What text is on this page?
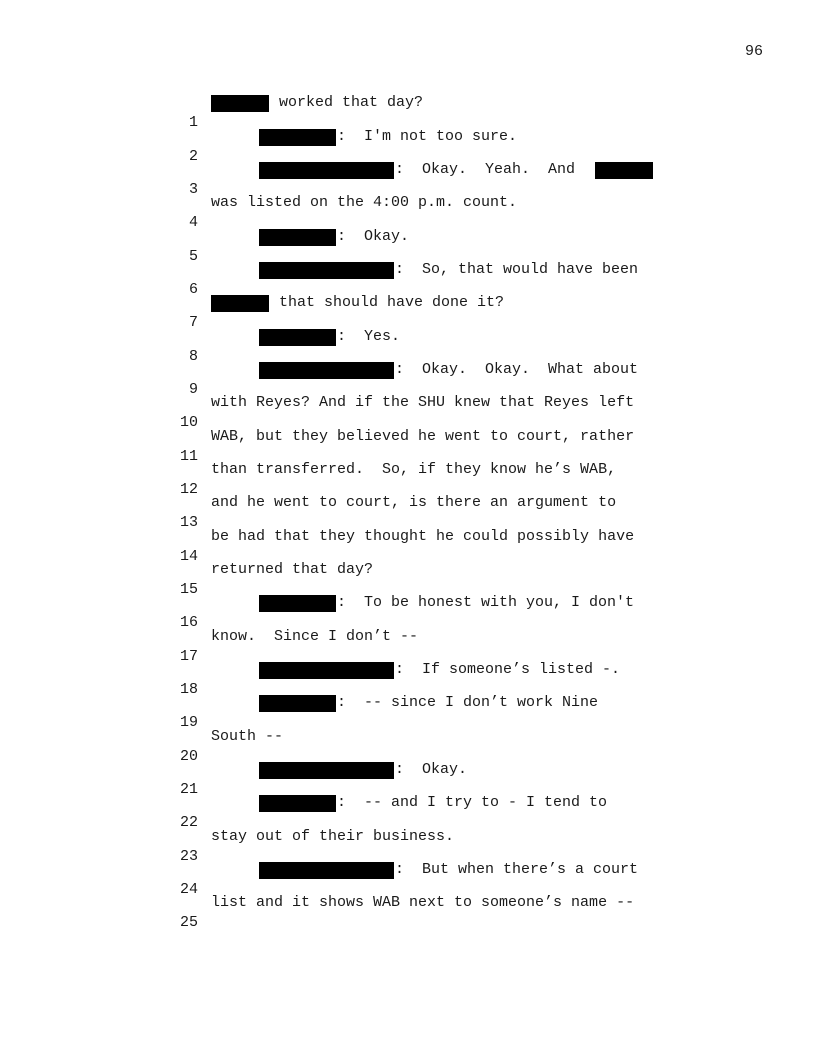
96

1

worked that day?

2

:  I'm not too sure.

3

:  Okay.  Yeah.  And

4

was listed on the 4:00 p.m. count.

5

:  Okay.

6

:  So, that would have been

7

that should have done it?

8

:  Yes.

9

:  Okay.  Okay.  What about

10

with Reyes? And if the SHU knew that Reyes left

11

WAB, but they believed he went to court, rather

12

than transferred.  So, if they know he’s WAB,

13

and he went to court, is there an argument to

14

be had that they thought he could possibly have

15

returned that day?

16

:  To be honest with you, I don't

17

know.  Since I don’t --

18

:  If someone’s listed -.

19

:  -- since I don’t work Nine

20

South --

21

:  Okay.

22

:  -- and I try to - I tend to

23

stay out of their business.

24

:  But when there’s a court

25

list and it shows WAB next to someone’s name --
